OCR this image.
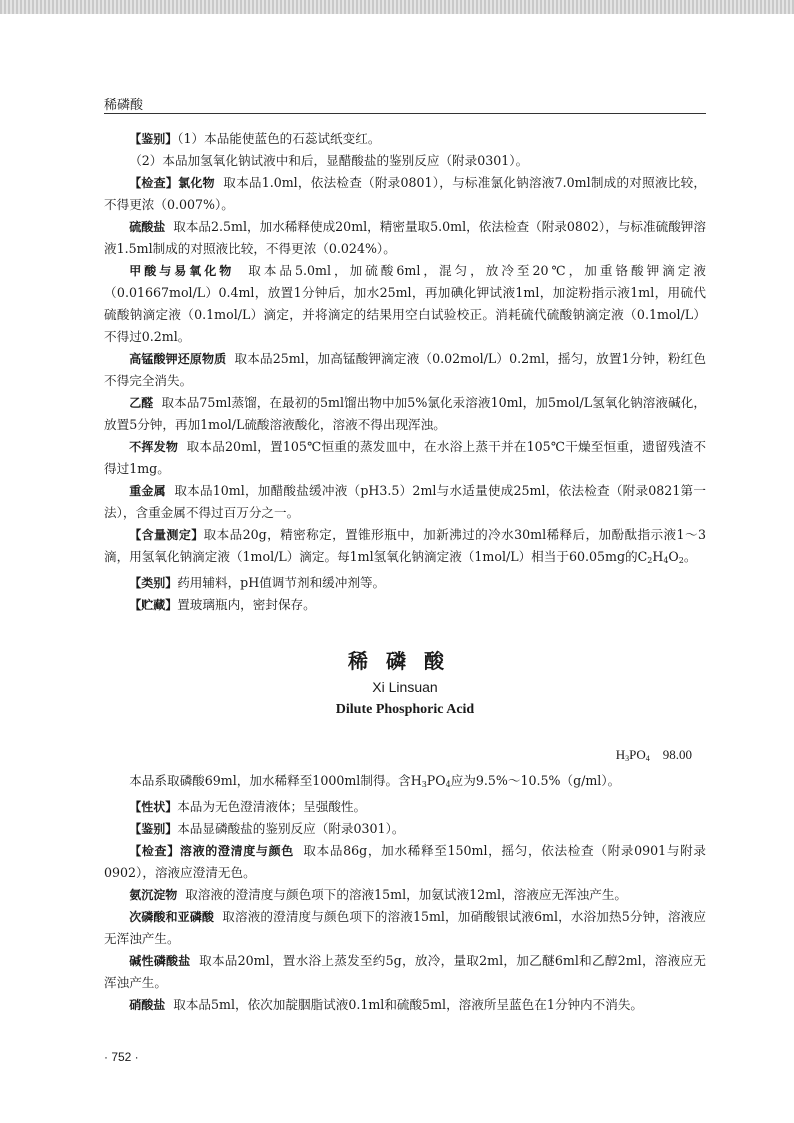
稀磷酸

【鉴别】（1）本品能使蓝色的石蕊试纸变红。

（2）本品加氢氧化钠试液中和后，显醋酸盐的鉴别反应（附录0301）。

【检查】氯化物 取本品1.0ml，依法检查（附录0801），与标准氯化钠溶液7.0ml制成的对照液比较，不得更浓（0.007%）。

硫酸盐 取本品2.5ml，加水稀释使成20ml，精密量取5.0ml，依法检查（附录0802），与标准硫酸钾溶液1.5ml制成的对照液比较，不得更浓（0.024%）。

甲酸与易氧化物 取本品5.0ml，加硫酸6ml，混匀，放冷至20℃，加重铬酸钾滴定液（0.01667mol/L）0.4ml，放置1分钟后，加水25ml，再加碘化钾试液1ml，加淀粉指示液1ml，用硫代硫酸钠滴定液（0.1mol/L）滴定，并将滴定的结果用空白试验校正。消耗硫代硫酸钠滴定液（0.1mol/L）不得过0.2ml。

高锰酸钾还原物质 取本品25ml，加高锰酸钾滴定液（0.02mol/L）0.2ml，摇匀，放置1分钟，粉红色不得完全消失。

乙醛 取本品75ml蒸馏，在最初的5ml馏出物中加5%氯化汞溶液10ml，加5mol/L氢氧化钠溶液碱化，放置5分钟，再加1mol/L硫酸溶液酸化，溶液不得出现浑浊。

不挥发物 取本品20ml，置105℃恒重的蒸发皿中，在水浴上蒸干并在105℃干燥至恒重，遗留残渣不得过1mg。

重金属 取本品10ml，加醋酸盐缓冲液（pH3.5）2ml与水适量使成25ml，依法检查（附录0821第一法），含重金属不得过百万分之一。

【含量测定】取本品20g，精密称定，置锥形瓶中，加新沸过的冷水30ml稀释后，加酚酞指示液1～3滴，用氢氧化钠滴定液（1mol/L）滴定。每1ml氢氧化钠滴定液（1mol/L）相当于60.05mg的$C_2H_4O_2$。

【类别】药用辅料，pH值调节剂和缓冲剂等。

【贮藏】置玻璃瓶内，密封保存。

稀磷酸
Xi Linsuan
Dilute Phosphoric Acid
$H_3PO_4$ 98.00

本品系取磷酸69ml，加水稀释至1000ml制得。含$H_3PO_4$应为9.5%～10.5%（g/ml）。

【性状】本品为无色澄清液体；呈强酸性。

【鉴别】本品显磷酸盐的鉴别反应（附录0301）。

【检查】溶液的澄清度与颜色 取本品86g，加水稀释至150ml，摇匀，依法检查（附录0901与附录0902），溶液应澄清无色。

氨沉淀物 取溶液的澄清度与颜色项下的溶液15ml，加氨试液12ml，溶液应无浑浊产生。

次磷酸和亚磷酸 取溶液的澄清度与颜色项下的溶液15ml，加硝酸银试液6ml，水浴加热5分钟，溶液应无浑浊产生。

碱性磷酸盐 取本品20ml，置水浴上蒸发至约5g，放冷，量取2ml，加乙醚6ml和乙醇2ml，溶液应无浑浊产生。

硝酸盐 取本品5ml，依次加靛胭脂试液0.1ml和硫酸5ml，溶液所呈蓝色在1分钟内不消失。

· 752 ·
